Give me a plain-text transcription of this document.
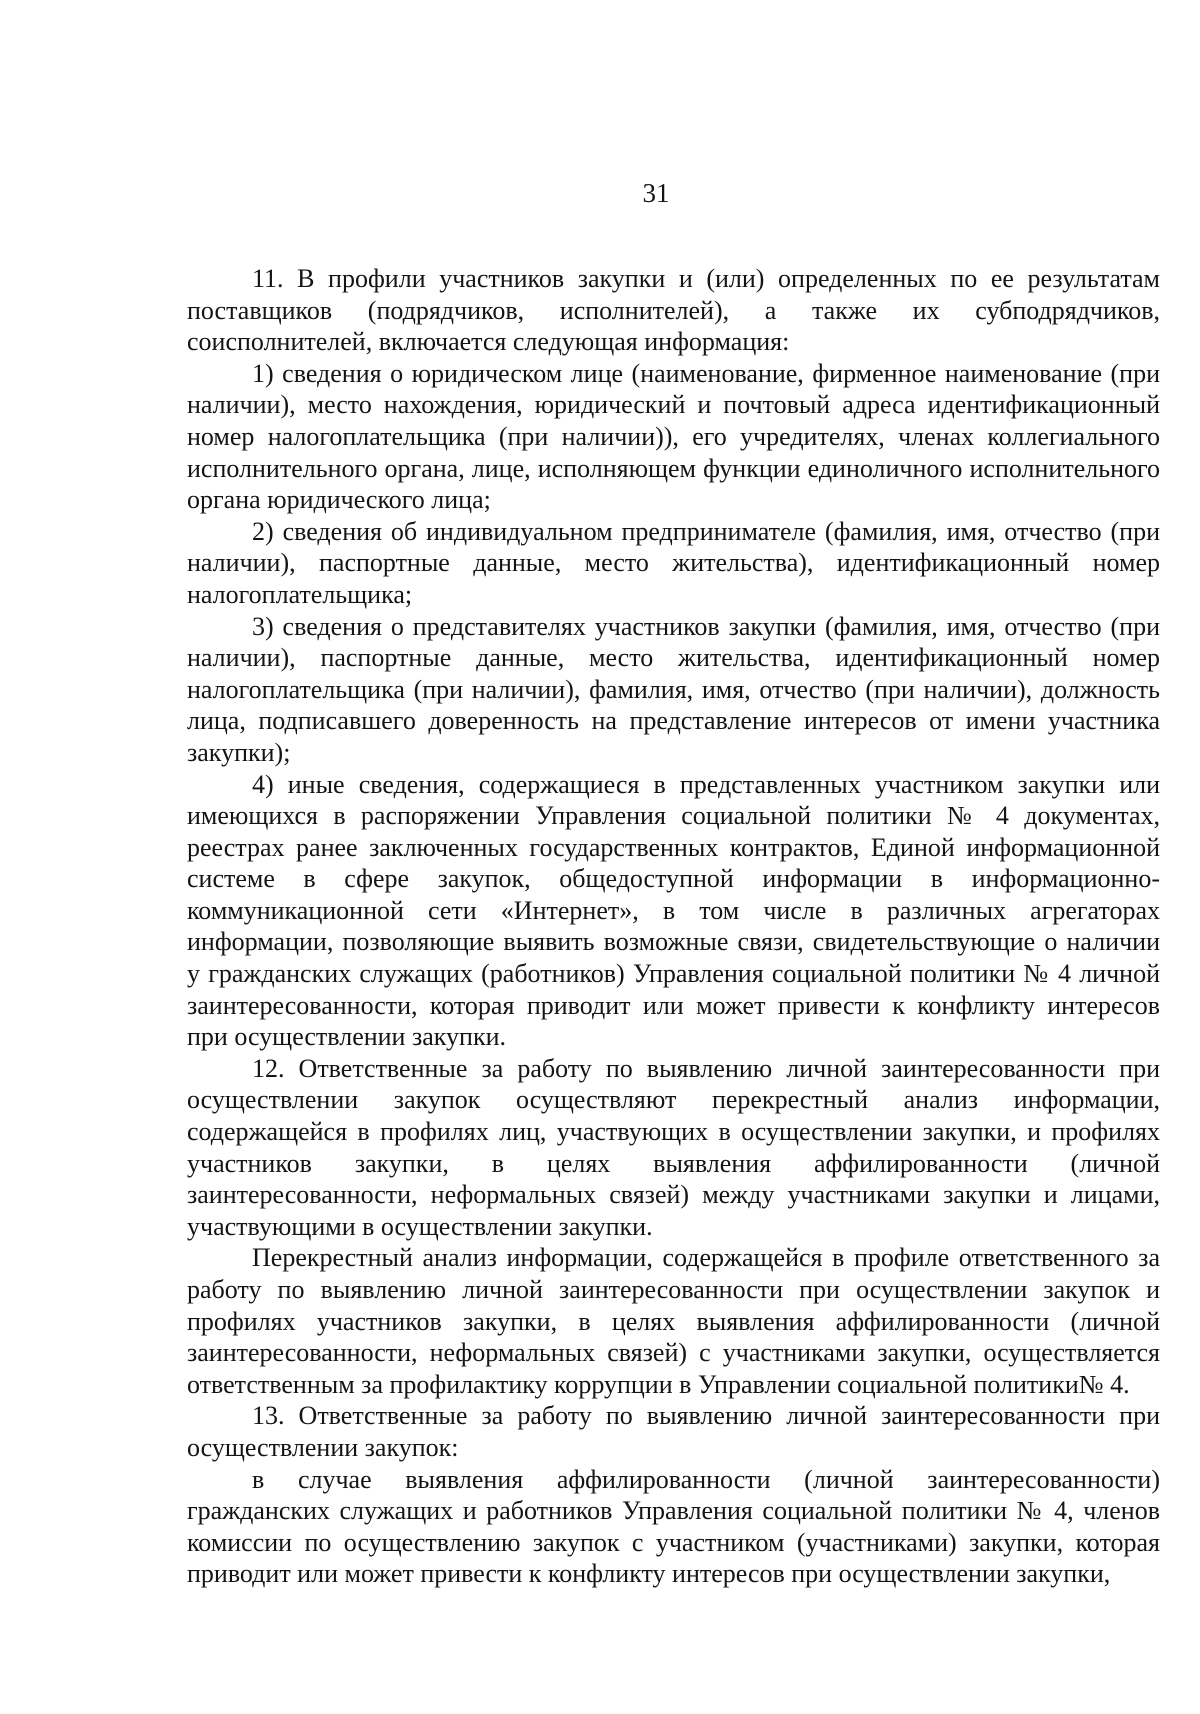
31

11. В профили участников закупки и (или) определенных по ее результатам поставщиков (подрядчиков, исполнителей), а также их субподрядчиков, соисполнителей, включается следующая информация:

1) сведения о юридическом лице (наименование, фирменное наименование (при наличии), место нахождения, юридический и почтовый адреса идентификационный номер налогоплательщика (при наличии)), его учредителях, членах коллегиального исполнительного органа, лице, исполняющем функции единоличного исполнительного органа юридического лица;

2) сведения об индивидуальном предпринимателе (фамилия, имя, отчество (при наличии), паспортные данные, место жительства), идентификационный номер налогоплательщика;

3) сведения о представителях участников закупки (фамилия, имя, отчество (при наличии), паспортные данные, место жительства, идентификационный номер налогоплательщика (при наличии), фамилия, имя, отчество (при наличии), должность лица, подписавшего доверенность на представление интересов от имени участника закупки);

4) иные сведения, содержащиеся в представленных участником закупки или имеющихся в распоряжении Управления социальной политики № 4 документах, реестрах ранее заключенных государственных контрактов, Единой информационной системе в сфере закупок, общедоступной информации в информационно-коммуникационной сети «Интернет», в том числе в различных агрегаторах информации, позволяющие выявить возможные связи, свидетельствующие о наличии у гражданских служащих (работников) Управления социальной политики № 4 личной заинтересованности, которая приводит или может привести к конфликту интересов при осуществлении закупки.

12. Ответственные за работу по выявлению личной заинтересованности при осуществлении закупок осуществляют перекрестный анализ информации, содержащейся в профилях лиц, участвующих в осуществлении закупки, и профилях участников закупки, в целях выявления аффилированности (личной заинтересованности, неформальных связей) между участниками закупки и лицами, участвующими в осуществлении закупки.

Перекрестный анализ информации, содержащейся в профиле ответственного за работу по выявлению личной заинтересованности при осуществлении закупок и профилях участников закупки, в целях выявления аффилированности (личной заинтересованности, неформальных связей) с участниками закупки, осуществляется ответственным за профилактику коррупции в Управлении социальной политики№ 4.

13. Ответственные за работу по выявлению личной заинтересованности при осуществлении закупок:

в случае выявления аффилированности (личной заинтересованности) гражданских служащих и работников Управления социальной политики № 4, членов комиссии по осуществлению закупок с участником (участниками) закупки, которая приводит или может привести к конфликту интересов при осуществлении закупки,
